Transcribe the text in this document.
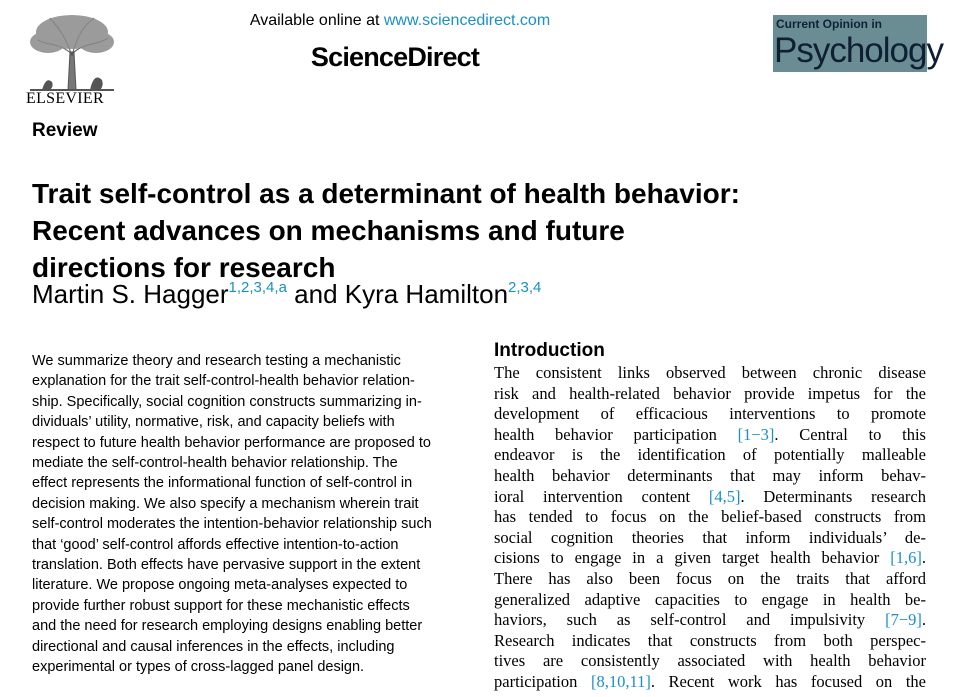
ELSEVIER
Available online at www.sciencedirect.com
ScienceDirect
Current Opinion in
Psychology
Review
Trait self-control as a determinant of health behavior:
Recent advances on mechanisms and future
directions for research
Martin S. Hagger$^{1,2,3,4,a}$ and Kyra Hamilton$^{2,3,4}$
We summarize theory and research testing a mechanistic
explanation for the trait self-control-health behavior relation-
ship. Specifically, social cognition constructs summarizing in-
dividuals’ utility, normative, risk, and capacity beliefs with
respect to future health behavior performance are proposed to
mediate the self-control-health behavior relationship. The
effect represents the informational function of self-control in
decision making. We also specify a mechanism wherein trait
self-control moderates the intention-behavior relationship such
that ‘good’ self-control affords effective intention-to-action
translation. Both effects have pervasive support in the extent
literature. We propose ongoing meta-analyses expected to
provide further robust support for these mechanistic effects
and the need for research employing designs enabling better
directional and causal inferences in the effects, including
experimental or types of cross-lagged panel design.
Introduction
The consistent links observed between chronic disease
risk and health-related behavior provide impetus for the
development of efficacious interventions to promote
health behavior participation [1−3]. Central to this
endeavor is the identification of potentially malleable
health behavior determinants that may inform behav-
ioral intervention content [4,5]. Determinants research
has tended to focus on the belief-based constructs from
social cognition theories that inform individuals’ de-
cisions to engage in a given target health behavior [1,6].
There has also been focus on the traits that afford
generalized adaptive capacities to engage in health be-
haviors, such as self-control and impulsivity [7−9].
Research indicates that constructs from both perspec-
tives are consistently associated with health behavior
participation [8,10,11]. Recent work has focused on the
